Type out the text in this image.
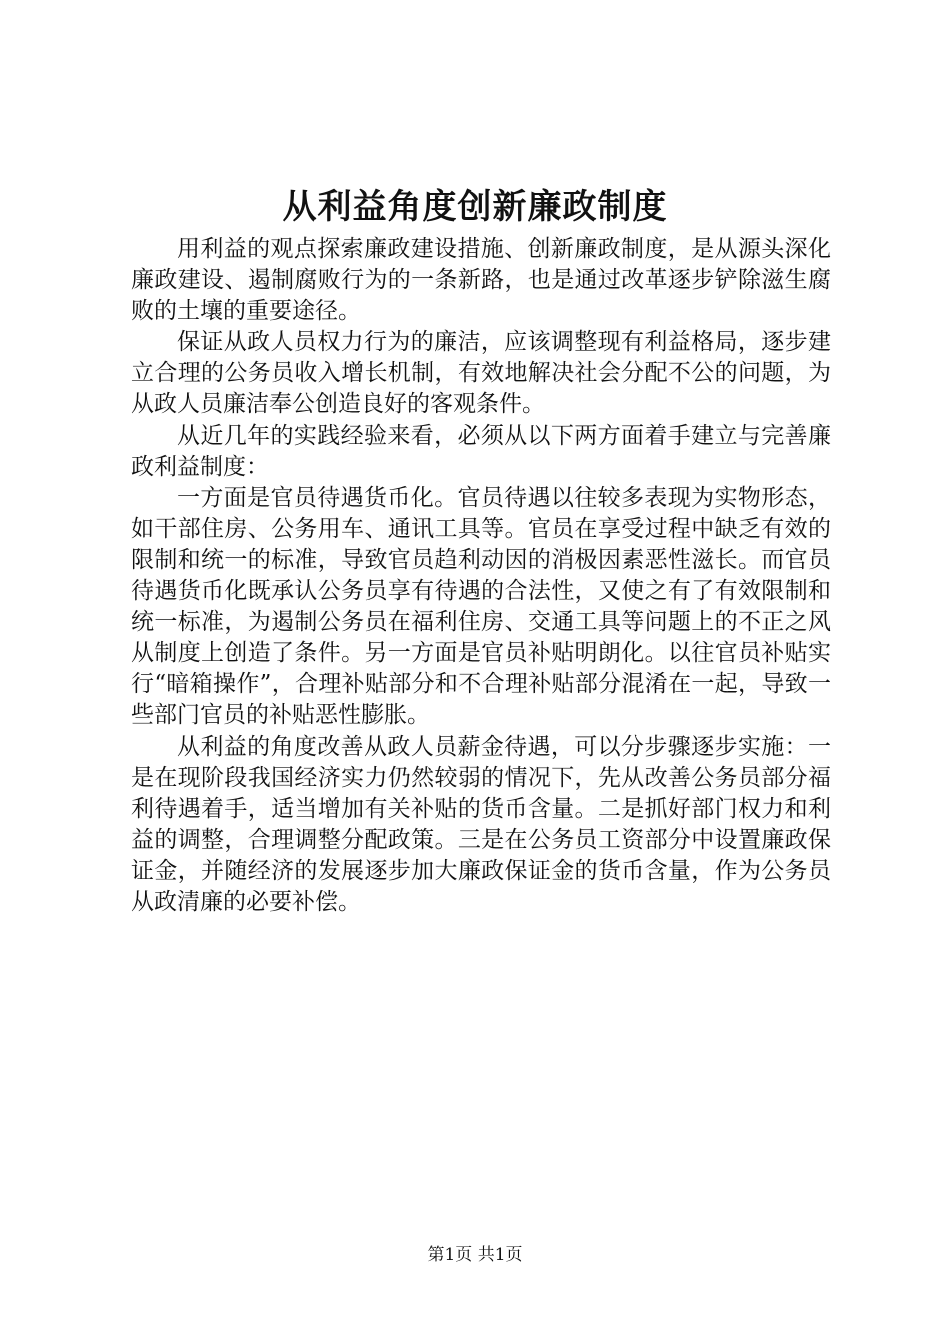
从利益角度创新廉政制度

用利益的观点探索廉政建设措施、创新廉政制度，是从源头深化廉政建设、遏制腐败行为的一条新路，也是通过改革逐步铲除滋生腐败的土壤的重要途径。

保证从政人员权力行为的廉洁，应该调整现有利益格局，逐步建立合理的公务员收入增长机制，有效地解决社会分配不公的问题，为从政人员廉洁奉公创造良好的客观条件。

从近几年的实践经验来看，必须从以下两方面着手建立与完善廉政利益制度：

一方面是官员待遇货币化。官员待遇以往较多表现为实物形态，如干部住房、公务用车、通讯工具等。官员在享受过程中缺乏有效的限制和统一的标准，导致官员趋利动因的消极因素恶性滋长。而官员待遇货币化既承认公务员享有待遇的合法性，又使之有了有效限制和统一标准，为遏制公务员在福利住房、交通工具等问题上的不正之风从制度上创造了条件。另一方面是官员补贴明朗化。以往官员补贴实行“暗箱操作”，合理补贴部分和不合理补贴部分混淆在一起，导致一些部门官员的补贴恶性膨胀。

从利益的角度改善从政人员薪金待遇，可以分步骤逐步实施：一是在现阶段我国经济实力仍然较弱的情况下，先从改善公务员部分福利待遇着手，适当增加有关补贴的货币含量。二是抓好部门权力和利益的调整，合理调整分配政策。三是在公务员工资部分中设置廉政保证金，并随经济的发展逐步加大廉政保证金的货币含量，作为公务员从政清廉的必要补偿。

第1页 共1页
